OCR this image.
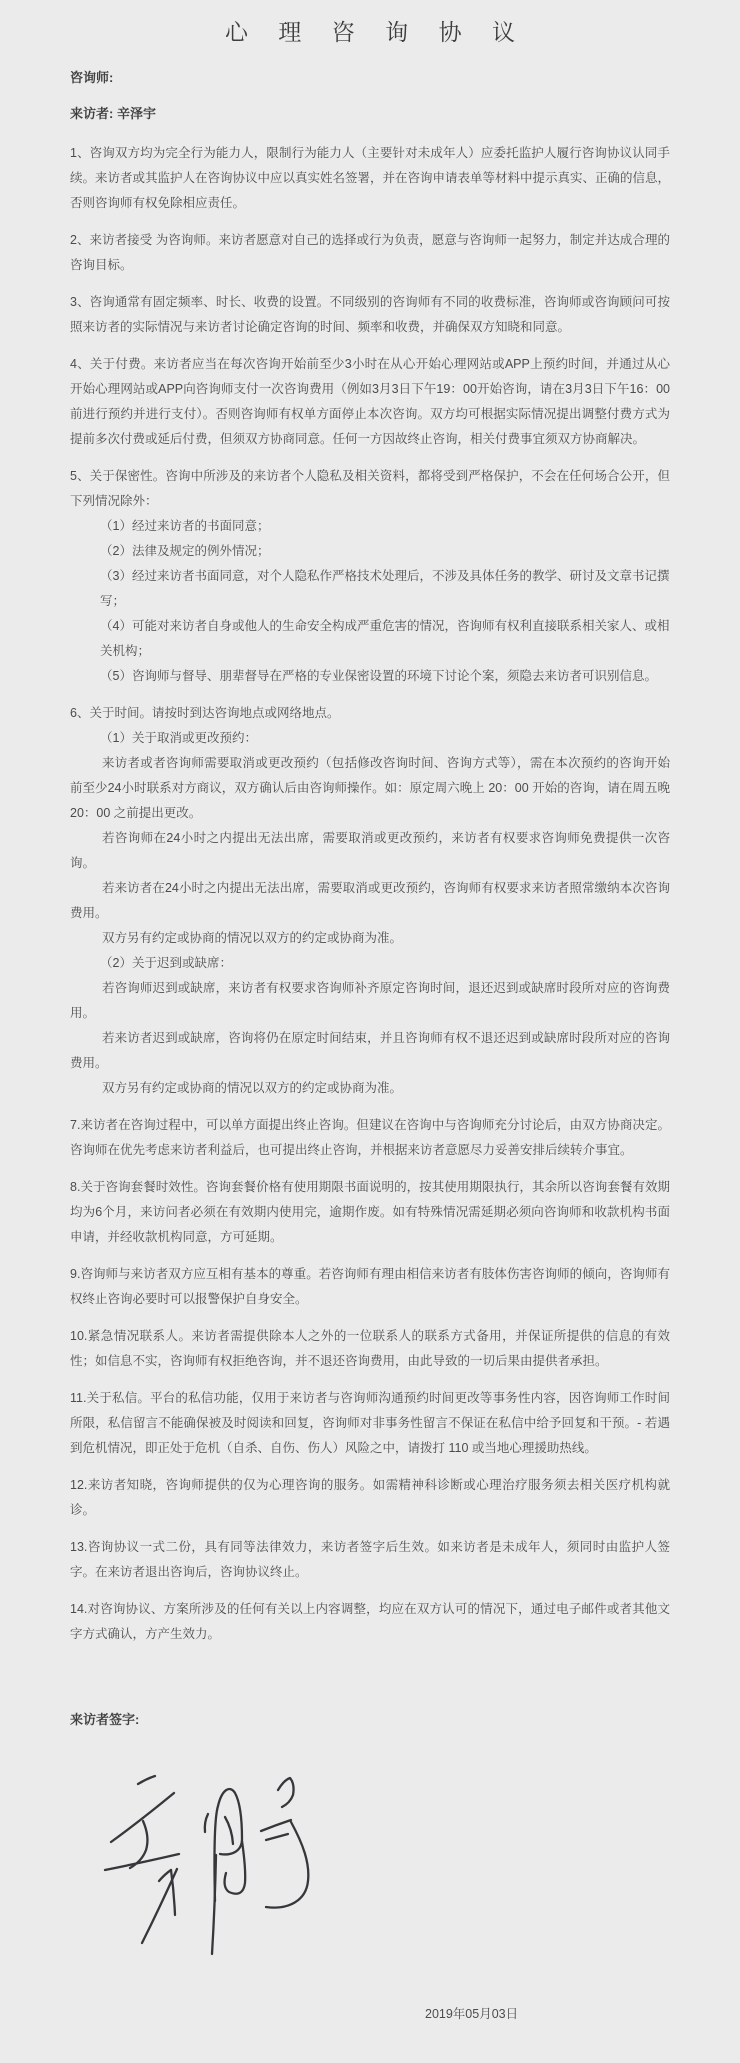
心 理 咨 询 协 议

咨询师:

来访者: 辛泽宇

1、咨询双方均为完全行为能力人，限制行为能力人（主要针对未成年人）应委托监护人履行咨询协议认同手续。来访者或其监护人在咨询协议中应以真实姓名签署，并在咨询申请表单等材料中提示真实、正确的信息，否则咨询师有权免除相应责任。

2、来访者接受 为咨询师。来访者愿意对自己的选择或行为负责，愿意与咨询师一起努力，制定并达成合理的咨询目标。

3、咨询通常有固定频率、时长、收费的设置。不同级别的咨询师有不同的收费标准，咨询师或咨询顾问可按照来访者的实际情况与来访者讨论确定咨询的时间、频率和收费，并确保双方知晓和同意。

4、关于付费。来访者应当在每次咨询开始前至少3小时在从心开始心理网站或APP上预约时间，并通过从心开始心理网站或APP向咨询师支付一次咨询费用（例如3月3日下午19：00开始咨询，请在3月3日下午16：00前进行预约并进行支付）。否则咨询师有权单方面停止本次咨询。双方均可根据实际情况提出调整付费方式为提前多次付费或延后付费，但须双方协商同意。任何一方因故终止咨询，相关付费事宜须双方协商解决。

5、关于保密性。咨询中所涉及的来访者个人隐私及相关资料，都将受到严格保护，不会在任何场合公开，但下列情况除外：

（1）经过来访者的书面同意；

（2）法律及规定的例外情况；

（3）经过来访者书面同意，对个人隐私作严格技术处理后，不涉及具体任务的教学、研讨及文章书记撰写；

（4）可能对来访者自身或他人的生命安全构成严重危害的情况，咨询师有权利直接联系相关家人、或相关机构；

（5）咨询师与督导、朋辈督导在严格的专业保密设置的环境下讨论个案，须隐去来访者可识别信息。

6、关于时间。请按时到达咨询地点或网络地点。

（1）关于取消或更改预约：

来访者或者咨询师需要取消或更改预约（包括修改咨询时间、咨询方式等），需在本次预约的咨询开始前至少24小时联系对方商议，双方确认后由咨询师操作。如：原定周六晚上 20：00 开始的咨询，请在周五晚 20：00 之前提出更改。

若咨询师在24小时之内提出无法出席，需要取消或更改预约，来访者有权要求咨询师免费提供一次咨询。

若来访者在24小时之内提出无法出席，需要取消或更改预约，咨询师有权要求来访者照常缴纳本次咨询费用。

双方另有约定或协商的情况以双方的约定或协商为准。

（2）关于迟到或缺席：

若咨询师迟到或缺席，来访者有权要求咨询师补齐原定咨询时间，退还迟到或缺席时段所对应的咨询费用。

若来访者迟到或缺席，咨询将仍在原定时间结束，并且咨询师有权不退还迟到或缺席时段所对应的咨询费用。

双方另有约定或协商的情况以双方的约定或协商为准。

7.来访者在咨询过程中，可以单方面提出终止咨询。但建议在咨询中与咨询师充分讨论后，由双方协商决定。咨询师在优先考虑来访者利益后，也可提出终止咨询，并根据来访者意愿尽力妥善安排后续转介事宜。

8.关于咨询套餐时效性。咨询套餐价格有使用期限书面说明的，按其使用期限执行，其余所以咨询套餐有效期均为6个月，来访问者必须在有效期内使用完，逾期作废。如有特殊情况需延期必须向咨询师和收款机构书面申请，并经收款机构同意，方可延期。

9.咨询师与来访者双方应互相有基本的尊重。若咨询师有理由相信来访者有肢体伤害咨询师的倾向，咨询师有权终止咨询必要时可以报警保护自身安全。

10.紧急情况联系人。来访者需提供除本人之外的一位联系人的联系方式备用，并保证所提供的信息的有效性；如信息不实，咨询师有权拒绝咨询，并不退还咨询费用，由此导致的一切后果由提供者承担。

11.关于私信。平台的私信功能，仅用于来访者与咨询师沟通预约时间更改等事务性内容，因咨询师工作时间所限，私信留言不能确保被及时阅读和回复，咨询师对非事务性留言不保证在私信中给予回复和干预。- 若遇到危机情况，即正处于危机（自杀、自伤、伤人）风险之中，请拨打 110 或当地心理援助热线。

12.来访者知晓，咨询师提供的仅为心理咨询的服务。如需精神科诊断或心理治疗服务须去相关医疗机构就诊。

13.咨询协议一式二份，具有同等法律效力，来访者签字后生效。如来访者是未成年人，须同时由监护人签字。在来访者退出咨询后，咨询协议终止。

14.对咨询协议、方案所涉及的任何有关以上内容调整，均应在双方认可的情况下，通过电子邮件或者其他文字方式确认，方产生效力。

来访者签字:

2019年05月03日
